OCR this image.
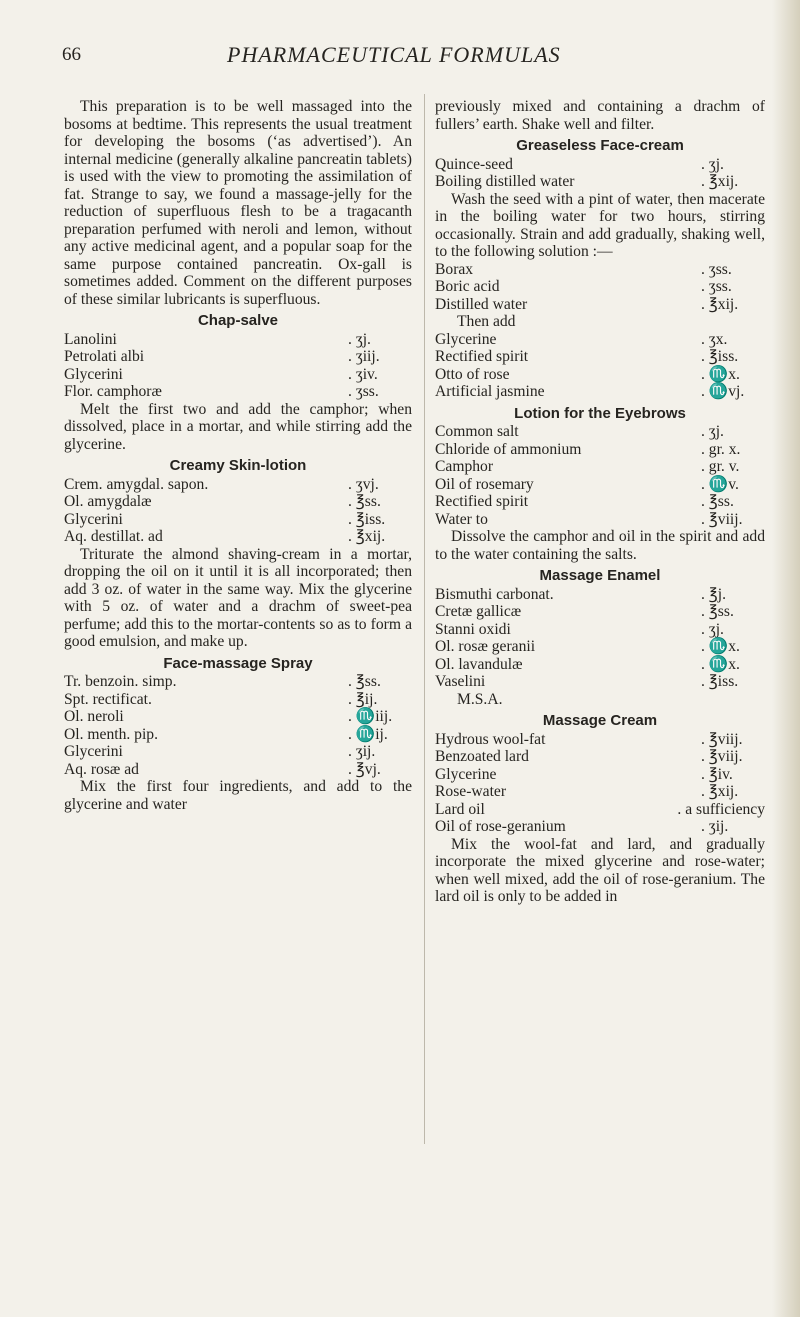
66	PHARMACEUTICAL FORMULAS

This preparation is to be well massaged into the bosoms at bedtime. This represents the usual treatment for developing the bosoms (‘as advertised’). An internal medicine (generally alkaline pancreatin tablets) is used with the view to promoting the assimilation of fat. Strange to say, we found a massage-jelly for the reduction of superfluous flesh to be a tragacanth preparation perfumed with neroli and lemon, without any active medicinal agent, and a popular soap for the same purpose contained pancreatin. Ox-gall is sometimes added. Comment on the different purposes of these similar lubricants is superfluous.

Chap-salve
Lanolini	. ʒj.
Petrolati albi	. ʒiij.
Glycerini	. ʒiv.
Flor. camphoræ	. ʒss.

Melt the first two and add the camphor; when dissolved, place in a mortar, and while stirring add the glycerine.

Creamy Skin-lotion
Crem. amygdal. sapon.	. ʒvj.
Ol. amygdalæ	. ℥ss.
Glycerini	. ℥iss.
Aq. destillat. ad	. ℥xij.

Triturate the almond shaving-cream in a mortar, dropping the oil on it until it is all incorporated; then add 3 oz. of water in the same way. Mix the glycerine with 5 oz. of water and a drachm of sweet-pea perfume; add this to the mortar-contents so as to form a good emulsion, and make up.

Face-massage Spray
Tr. benzoin. simp.	. ℥ss.
Spt. rectificat.	. ℥ij.
Ol. neroli	. ♏iij.
Ol. menth. pip.	. ♏ij.
Glycerini	. ʒij.
Aq. rosæ ad	. ℥vj.

Mix the first four ingredients, and add to the glycerine and water

previously mixed and containing a drachm of fullers’ earth. Shake well and filter.

Greaseless Face-cream
Quince-seed	. ʒj.
Boiling distilled water	. ℥xij.

Wash the seed with a pint of water, then macerate in the boiling water for two hours, stirring occasionally. Strain and add gradually, shaking well, to the following solution :—

Borax	. ʒss.
Boric acid	. ʒss.
Distilled water	. ℥xij.
Then add
Glycerine	. ʒx.
Rectified spirit	. ℥iss.
Otto of rose	. ♏x.
Artificial jasmine	. ♏vj.
Lotion for the Eyebrows
Common salt	. ʒj.
Chloride of ammonium	. gr. x.
Camphor	. gr. v.
Oil of rosemary	. ♏v.
Rectified spirit	. ℥ss.
Water to	. ℥viij.

Dissolve the camphor and oil in the spirit and add to the water containing the salts.

Massage Enamel
Bismuthi carbonat.	. ℥j.
Cretæ gallicæ	. ℥ss.
Stanni oxidi	. ʒj.
Ol. rosæ geranii	. ♏x.
Ol. lavandulæ	. ♏x.
Vaselini	. ℥iss.
M.S.A.
Massage Cream
Hydrous wool-fat	. ℥viij.
Benzoated lard	. ℥viij.
Glycerine	. ℥iv.
Rose-water	. ℥xij.
Lard oil	. a sufficiency
Oil of rose-geranium	. ʒij.

Mix the wool-fat and lard, and gradually incorporate the mixed glycerine and rose-water; when well mixed, add the oil of rose-geranium. The lard oil is only to be added in
